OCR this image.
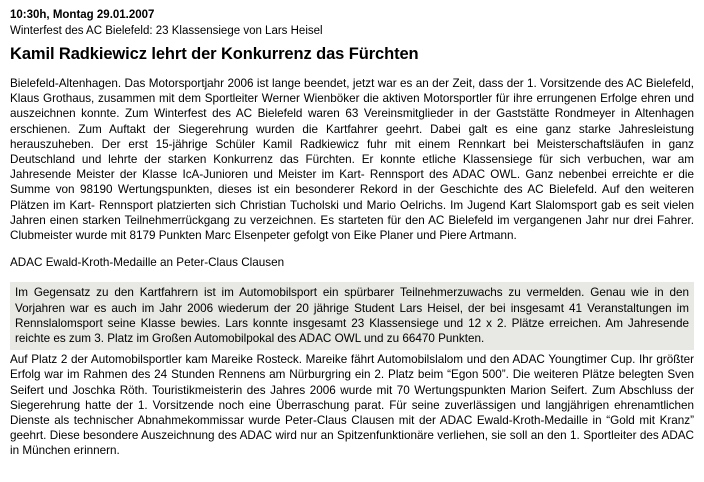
10:30h, Montag 29.01.2007
Winterfest des AC Bielefeld: 23 Klassensiege von Lars Heisel
Kamil Radkiewicz lehrt der Konkurrenz das Fürchten

Bielefeld-Altenhagen. Das Motorsportjahr 2006 ist lange beendet, jetzt war es an der Zeit, dass der 1. Vorsitzende des AC Bielefeld, Klaus Grothaus, zusammen mit dem Sportleiter Werner Wienböker die aktiven Motorsportler für ihre errungenen Erfolge ehren und auszeichnen konnte. Zum Winterfest des AC Bielefeld waren 63 Vereinsmitglieder in der Gaststätte Rondmeyer in Altenhagen erschienen. Zum Auftakt der Siegerehrung wurden die Kartfahrer geehrt. Dabei galt es eine ganz starke Jahresleistung herauszuheben. Der erst 15-jährige Schüler Kamil Radkiewicz fuhr mit einem Rennkart bei Meisterschaftsläufen in ganz Deutschland und lehrte der starken Konkurrenz das Fürchten. Er konnte etliche Klassensiege für sich verbuchen, war am Jahresende Meister der Klasse IcA-Junioren und Meister im Kart- Rennsport des ADAC OWL. Ganz nebenbei erreichte er die Summe von 98190 Wertungspunkten, dieses ist ein besonderer Rekord in der Geschichte des AC Bielefeld. Auf den weiteren Plätzen im Kart- Rennsport platzierten sich Christian Tucholski und Mario Oelrichs. Im Jugend Kart Slalomsport gab es seit vielen Jahren einen starken Teilnehmerrückgang zu verzeichnen. Es starteten für den AC Bielefeld im vergangenen Jahr nur drei Fahrer. Clubmeister wurde mit 8179 Punkten Marc Elsenpeter gefolgt von Eike Planer und Piere Artmann.

ADAC Ewald-Kroth-Medaille an Peter-Claus Clausen

Im Gegensatz zu den Kartfahrern ist im Automobilsport ein spürbarer Teilnehmerzuwachs zu vermelden. Genau wie in den Vorjahren war es auch im Jahr 2006 wiederum der 20 jährige Student Lars Heisel, der bei insgesamt 41 Veranstaltungen im Rennslalomsport seine Klasse bewies. Lars konnte insgesamt 23 Klassensiege und 12 x 2. Plätze erreichen. Am Jahresende reichte es zum 3. Platz im Großen Automobilpokal des ADAC OWL und zu 66470 Punkten.

Auf Platz 2 der Automobilsportler kam Mareike Rosteck. Mareike fährt Automobilslalom und den ADAC Youngtimer Cup. Ihr größter Erfolg war im Rahmen des 24 Stunden Rennens am Nürburgring ein 2. Platz beim “Egon 500”. Die weiteren Plätze belegten Sven Seifert und Joschka Röth. Touristikmeisterin des Jahres 2006 wurde mit 70 Wertungspunkten Marion Seifert. Zum Abschluss der Siegerehrung hatte der 1. Vorsitzende noch eine Überraschung parat. Für seine zuverlässigen und langjährigen ehrenamtlichen Dienste als technischer Abnahmekommissar wurde Peter-Claus Clausen mit der ADAC Ewald-Kroth-Medaille in “Gold mit Kranz” geehrt. Diese besondere Auszeichnung des ADAC wird nur an Spitzenfunktionäre verliehen, sie soll an den 1. Sportleiter des ADAC in München erinnern.
